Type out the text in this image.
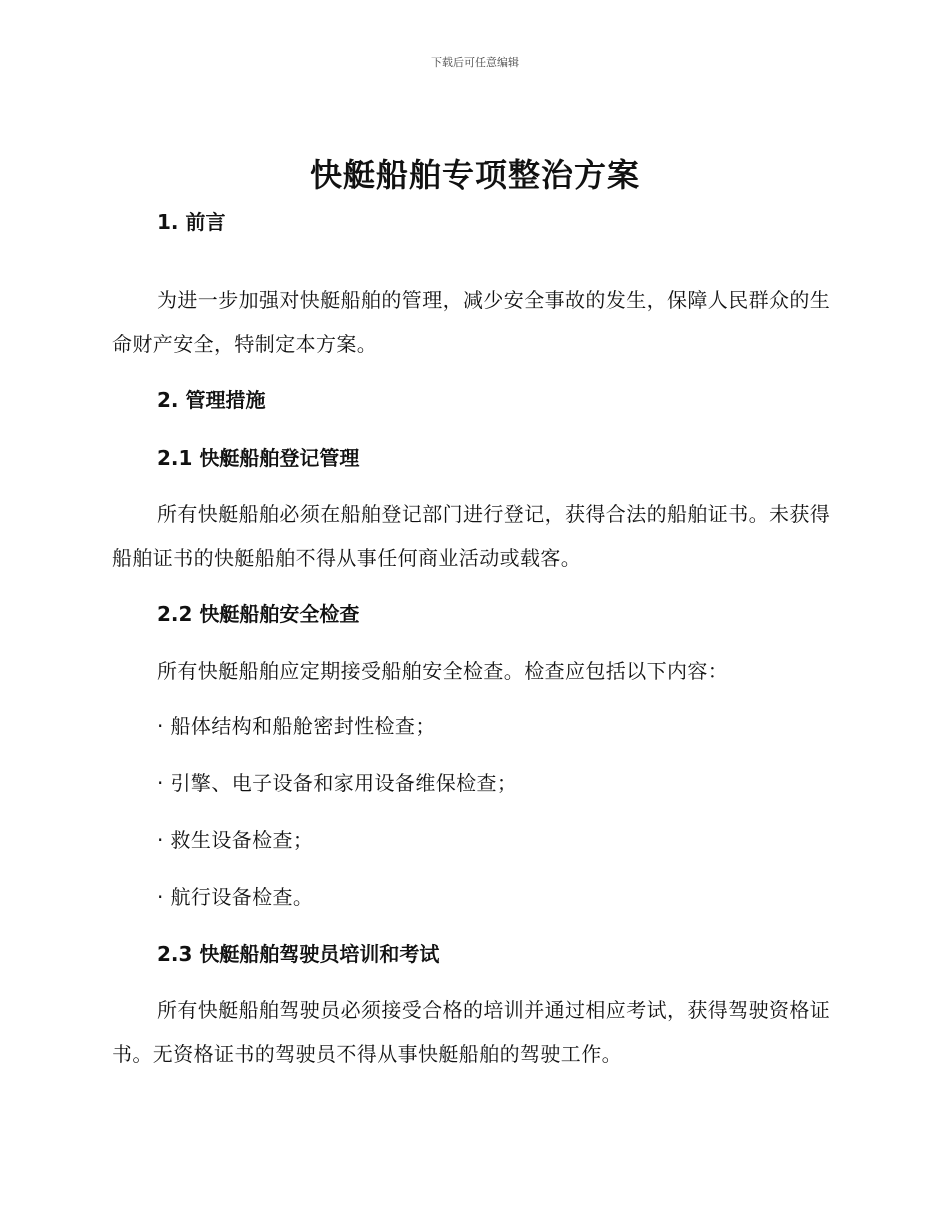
下载后可任意编辑
快艇船舶专项整治方案

1. 前言

为进一步加强对快艇船舶的管理，减少安全事故的发生，保障人民群众的生命财产安全，特制定本方案。

2. 管理措施

2.1 快艇船舶登记管理

所有快艇船舶必须在船舶登记部门进行登记，获得合法的船舶证书。未获得船舶证书的快艇船舶不得从事任何商业活动或载客。

2.2 快艇船舶安全检查

所有快艇船舶应定期接受船舶安全检查。检查应包括以下内容：

· 船体结构和船舱密封性检查；

· 引擎、电子设备和家用设备维保检查；

· 救生设备检查；

· 航行设备检查。

2.3 快艇船舶驾驶员培训和考试

所有快艇船舶驾驶员必须接受合格的培训并通过相应考试，获得驾驶资格证书。无资格证书的驾驶员不得从事快艇船舶的驾驶工作。
